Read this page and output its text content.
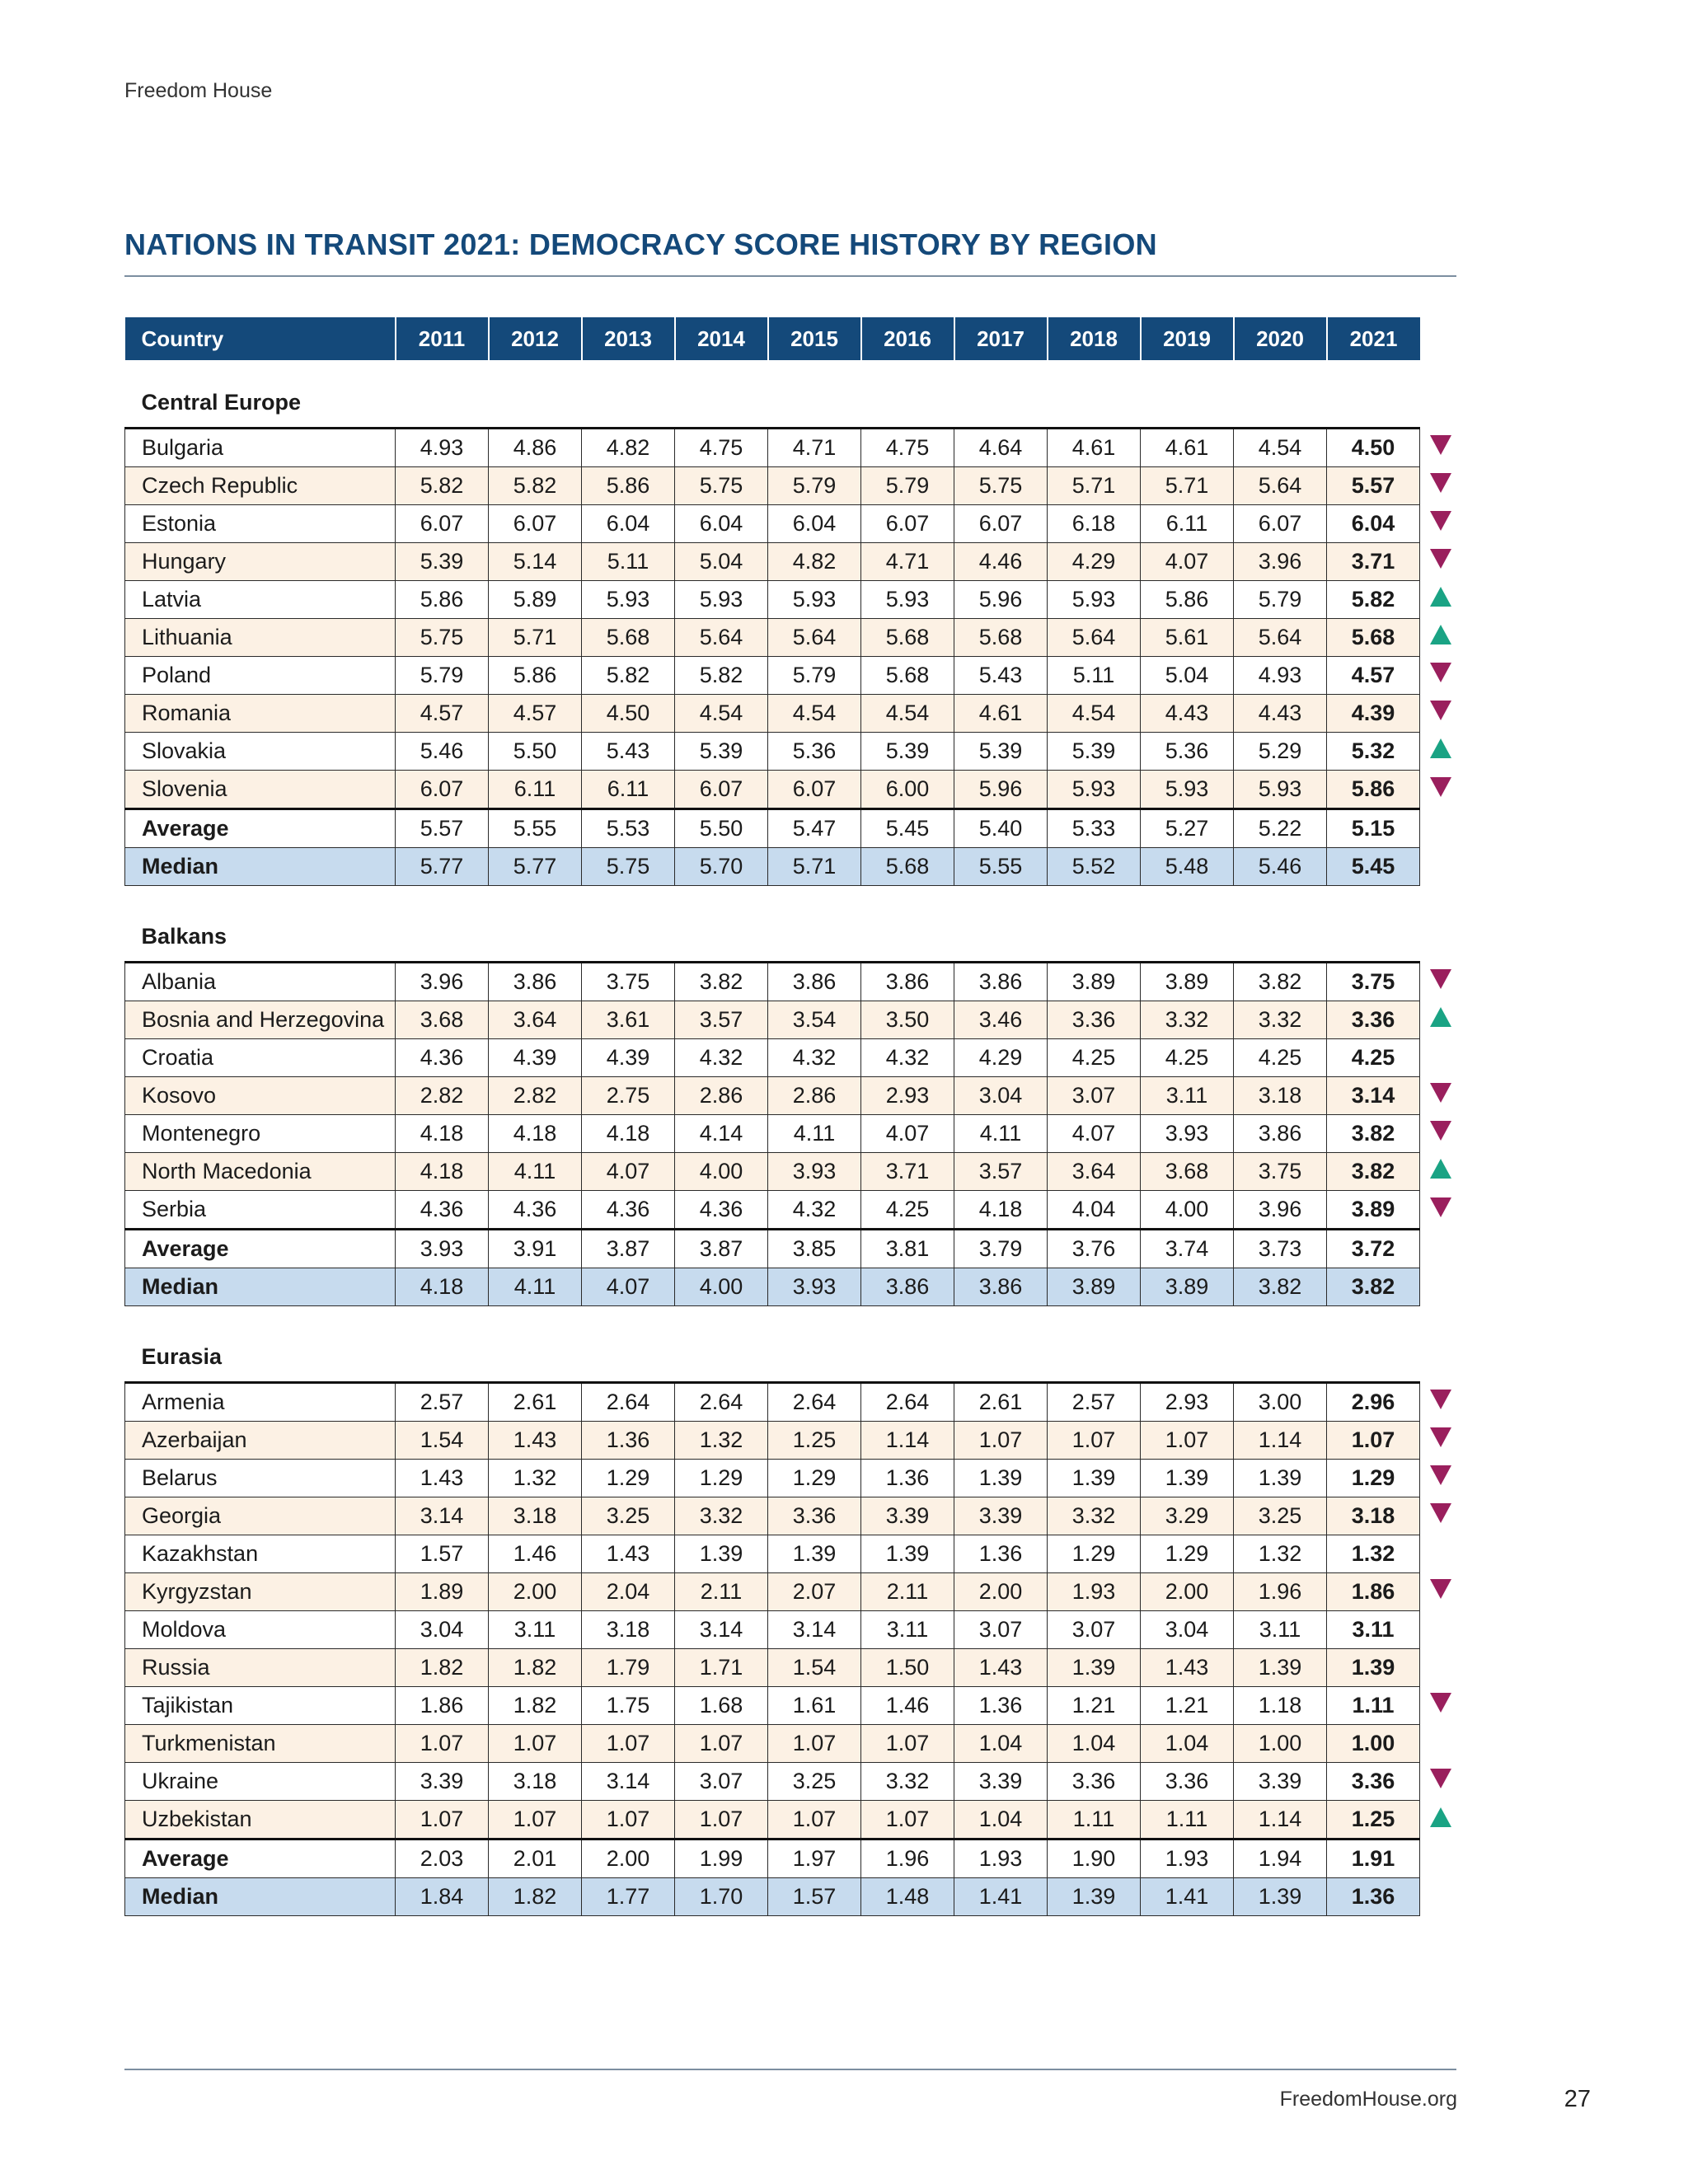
Freedom House
NATIONS IN TRANSIT 2021: DEMOCRACY SCORE HISTORY BY REGION
Country	2011	2012	2013	2014	2015	2016	2017	2018	2019	2020	2021	
Central Europe												
Bulgaria	4.93	4.86	4.82	4.75	4.71	4.75	4.64	4.61	4.61	4.54	4.50	
Czech Republic	5.82	5.82	5.86	5.75	5.79	5.79	5.75	5.71	5.71	5.64	5.57	
Estonia	6.07	6.07	6.04	6.04	6.04	6.07	6.07	6.18	6.11	6.07	6.04	
Hungary	5.39	5.14	5.11	5.04	4.82	4.71	4.46	4.29	4.07	3.96	3.71	
Latvia	5.86	5.89	5.93	5.93	5.93	5.93	5.96	5.93	5.86	5.79	5.82	
Lithuania	5.75	5.71	5.68	5.64	5.64	5.68	5.68	5.64	5.61	5.64	5.68	
Poland	5.79	5.86	5.82	5.82	5.79	5.68	5.43	5.11	5.04	4.93	4.57	
Romania	4.57	4.57	4.50	4.54	4.54	4.54	4.61	4.54	4.43	4.43	4.39	
Slovakia	5.46	5.50	5.43	5.39	5.36	5.39	5.39	5.39	5.36	5.29	5.32	
Slovenia	6.07	6.11	6.11	6.07	6.07	6.00	5.96	5.93	5.93	5.93	5.86	
Average	5.57	5.55	5.53	5.50	5.47	5.45	5.40	5.33	5.27	5.22	5.15	
Median	5.77	5.77	5.75	5.70	5.71	5.68	5.55	5.52	5.48	5.46	5.45	

Balkans												
Albania	3.96	3.86	3.75	3.82	3.86	3.86	3.86	3.89	3.89	3.82	3.75	
Bosnia and Herzegovina	3.68	3.64	3.61	3.57	3.54	3.50	3.46	3.36	3.32	3.32	3.36	
Croatia	4.36	4.39	4.39	4.32	4.32	4.32	4.29	4.25	4.25	4.25	4.25	
Kosovo	2.82	2.82	2.75	2.86	2.86	2.93	3.04	3.07	3.11	3.18	3.14	
Montenegro	4.18	4.18	4.18	4.14	4.11	4.07	4.11	4.07	3.93	3.86	3.82	
North Macedonia	4.18	4.11	4.07	4.00	3.93	3.71	3.57	3.64	3.68	3.75	3.82	
Serbia	4.36	4.36	4.36	4.36	4.32	4.25	4.18	4.04	4.00	3.96	3.89	
Average	3.93	3.91	3.87	3.87	3.85	3.81	3.79	3.76	3.74	3.73	3.72	
Median	4.18	4.11	4.07	4.00	3.93	3.86	3.86	3.89	3.89	3.82	3.82	

Eurasia												
Armenia	2.57	2.61	2.64	2.64	2.64	2.64	2.61	2.57	2.93	3.00	2.96	
Azerbaijan	1.54	1.43	1.36	1.32	1.25	1.14	1.07	1.07	1.07	1.14	1.07	
Belarus	1.43	1.32	1.29	1.29	1.29	1.36	1.39	1.39	1.39	1.39	1.29	
Georgia	3.14	3.18	3.25	3.32	3.36	3.39	3.39	3.32	3.29	3.25	3.18	
Kazakhstan	1.57	1.46	1.43	1.39	1.39	1.39	1.36	1.29	1.29	1.32	1.32	
Kyrgyzstan	1.89	2.00	2.04	2.11	2.07	2.11	2.00	1.93	2.00	1.96	1.86	
Moldova	3.04	3.11	3.18	3.14	3.14	3.11	3.07	3.07	3.04	3.11	3.11	
Russia	1.82	1.82	1.79	1.71	1.54	1.50	1.43	1.39	1.43	1.39	1.39	
Tajikistan	1.86	1.82	1.75	1.68	1.61	1.46	1.36	1.21	1.21	1.18	1.11	
Turkmenistan	1.07	1.07	1.07	1.07	1.07	1.07	1.04	1.04	1.04	1.00	1.00	
Ukraine	3.39	3.18	3.14	3.07	3.25	3.32	3.39	3.36	3.36	3.39	3.36	
Uzbekistan	1.07	1.07	1.07	1.07	1.07	1.07	1.04	1.11	1.11	1.14	1.25	
Average	2.03	2.01	2.00	1.99	1.97	1.96	1.93	1.90	1.93	1.94	1.91	
Median	1.84	1.82	1.77	1.70	1.57	1.48	1.41	1.39	1.41	1.39	1.36	
FreedomHouse.org	27
